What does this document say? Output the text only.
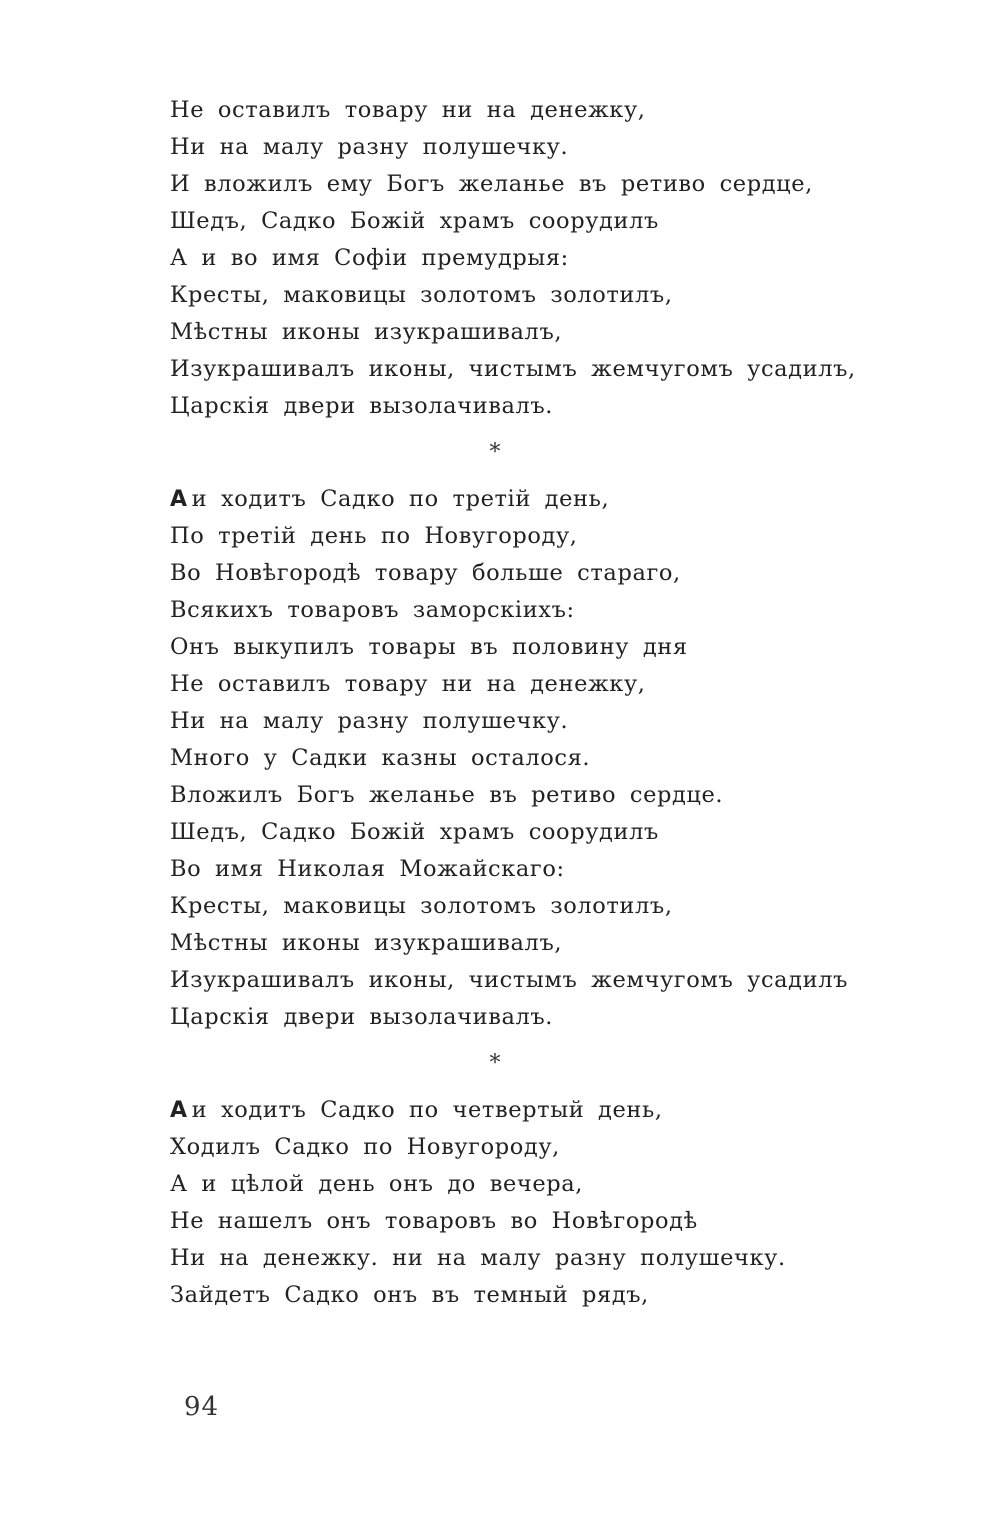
Не оставилъ товару ни на денежку,
Ни на малу разну полушечку.
И вложилъ ему Богъ желанье въ ретиво сердце,
Шедъ, Садко Божій храмъ соорудилъ
А и во имя Софіи премудрыя:
Кресты, маковицы золотомъ золотилъ,
Мѣстны иконы изукрашивалъ,
Изукрашивалъ иконы, чистымъ жемчугомъ усадилъ,
Царскія двери вызолачивалъ.
*
А и ходитъ Садко по третій день,
По третій день по Новугороду,
Во Новѣгородѣ товару больше стараго,
Всякихъ товаровъ заморскіихъ:
Онъ выкупилъ товары въ половину дня
Не оставилъ товару ни на денежку,
Ни на малу разну полушечку.
Много у Садки казны осталося.
Вложилъ Богъ желанье въ ретиво сердце.
Шедъ, Садко Божій храмъ соорудилъ
Во имя Николая Можайскаго:
Кресты, маковицы золотомъ золотилъ,
Мѣстны иконы изукрашивалъ,
Изукрашивалъ иконы, чистымъ жемчугомъ усадилъ
Царскія двери вызолачивалъ.
*
А и ходитъ Садко по четвертый день,
Ходилъ Садко по Новугороду,
А и цѣлой день онъ до вечера,
Не нашелъ онъ товаровъ во Новѣгородѣ
Ни на денежку. ни на малу разну полушечку.
Зайдетъ Садко онъ въ темный рядъ,
94
